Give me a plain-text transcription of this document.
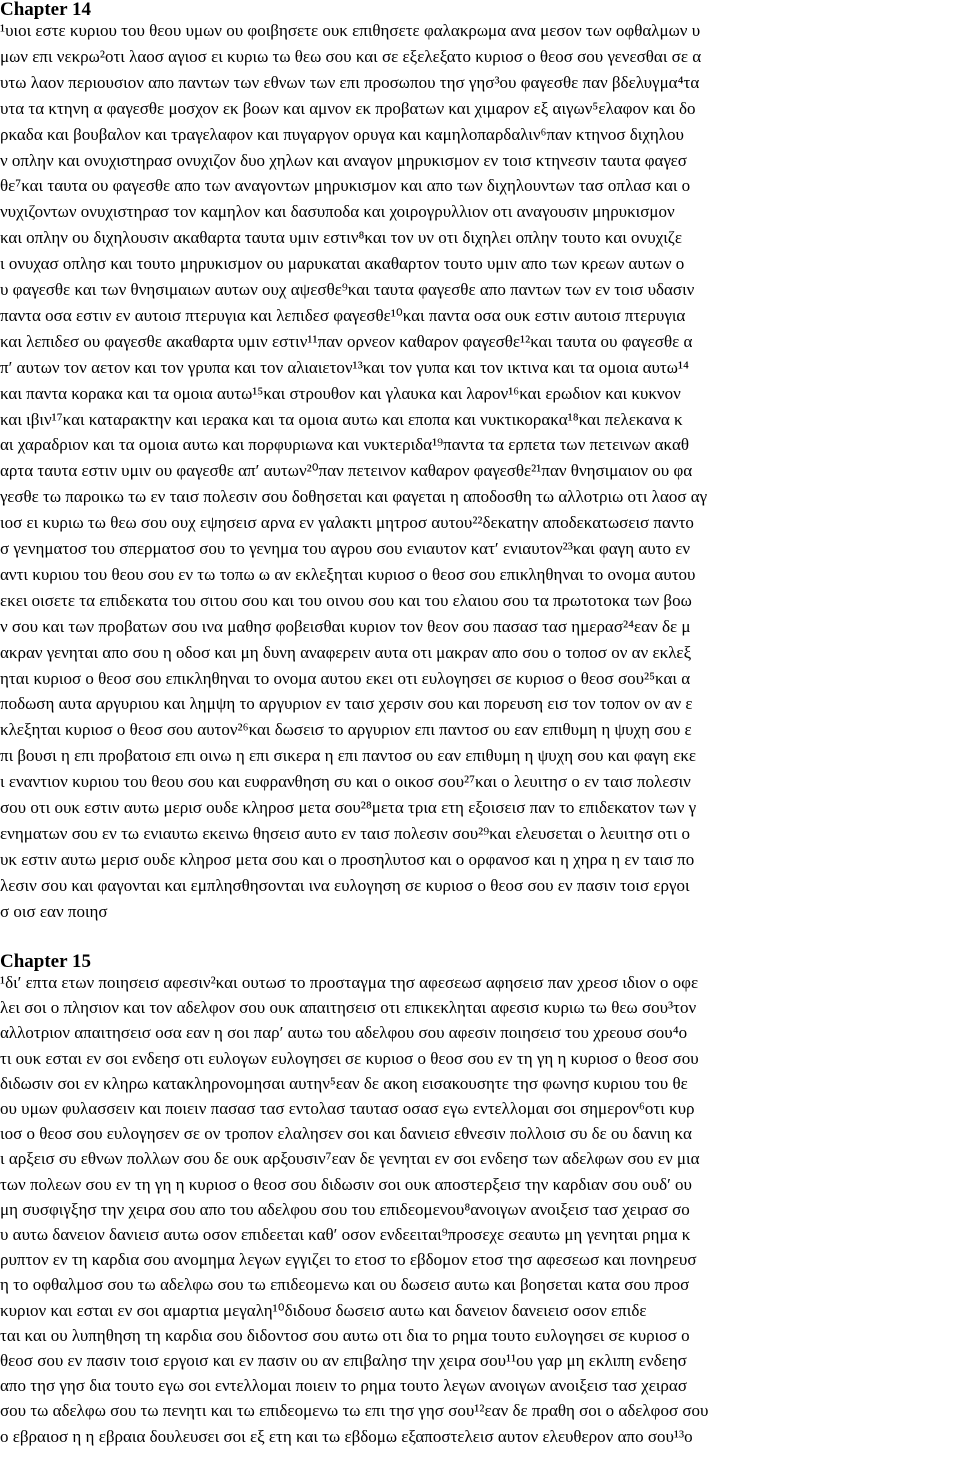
Chapter 14
¹υιοι εστε κυριου του θεου υμων ου φοιβησετε ουκ επιθησετε φαλακρωμα ανα μεσον των οφθαλμων υ
μων επι νεκρω²οτι λαοσ αγιοσ ει κυριω τω θεω σου και σε εξελεξατο κυριοσ ο θεοσ σου γενεσθαι σε α
υτω λαον περιουσιον απο παντων των εθνων των επι προσωπου τησ γησ³ου φαγεσθε παν βδελυγμα⁴τα
υτα τα κτηνη α φαγεσθε μοσχον εκ βοων και αμνον εκ προβατων και χιμαρον εξ αιγων⁵ελαφον και δο
ρκαδα και βουβαλον και τραγελαφον και πυγαργον ορυγα και καμηλοπαρδαλιν⁶παν κτηνοσ διχηλου
ν οπλην και ονυχιστηρασ ονυχιζον δυο χηλων και αναγον μηρυκισμον εν τοισ κτηνεσιν ταυτα φαγεσ
θε⁷και ταυτα ου φαγεσθε απο των αναγοντων μηρυκισμον και απο των διχηλουντων τασ οπλασ και ο
νυχιζοντων ονυχιστηρασ τον καμηλον και δασυποδα και χοιρογρυλλιον οτι αναγουσιν μηρυκισμον
και οπλην ου διχηλουσιν ακαθαρτα ταυτα υμιν εστιν⁸και τον υν οτι διχηλει οπλην τουτο και ονυχιζε
ι ονυχασ οπλησ και τουτο μηρυκισμον ου μαρυκαται ακαθαρτον τουτο υμιν απο των κρεων αυτων ο
υ φαγεσθε και των θνησιμαιων αυτων ουχ αψεσθε⁹και ταυτα φαγεσθε απο παντων των εν τοισ υδασιν
παντα οσα εστιν εν αυτοισ πτερυγια και λεπιδεσ φαγεσθε¹⁰και παντα οσα ουκ εστιν αυτοισ πτερυγια
και λεπιδεσ ου φαγεσθε ακαθαρτα υμιν εστιν¹¹παν ορνεον καθαρον φαγεσθε¹²και ταυτα ου φαγεσθε α
π′ αυτων τον αετον και τον γρυπα και τον αλιαιετον¹³και τον γυπα και τον ικτινα και τα ομοια αυτω¹⁴
και παντα κορακα και τα ομοια αυτω¹⁵και στρουθον και γλαυκα και λαρον¹⁶και ερωδιον και κυκνον
και ιβιν¹⁷και καταρακτην και ιερακα και τα ομοια αυτω και εποπα και νυκτικορακα¹⁸και πελεκανα κ
αι χαραδριον και τα ομοια αυτω και πορφυριωνα και νυκτεριδα¹⁹παντα τα ερπετα των πετεινων ακαθ
αρτα ταυτα εστιν υμιν ου φαγεσθε απ′ αυτων²⁰παν πετεινον καθαρον φαγεσθε²¹παν θνησιμαιον ου φα
γεσθε τω παροικω τω εν ταισ πολεσιν σου δοθησεται και φαγεται η αποδοσθη τω αλλοτριω οτι λαοσ αγ
ιοσ ει κυριω τω θεω σου ουχ εψησεισ αρνα εν γαλακτι μητροσ αυτου²²δεκατην αποδεκατωσεισ παντο
σ γενηματοσ του σπερματοσ σου το γενημα του αγρου σου ενιαυτον κατ′ ενιαυτον²³και φαγη αυτο εν
αντι κυριου του θεου σου εν τω τοπω ω αν εκλεξηται κυριοσ ο θεοσ σου επικληθηναι το ονομα αυτου
εκει οισετε τα επιδεκατα του σιτου σου και του οινου σου και του ελαιου σου τα πρωτοτοκα των βοω
ν σου και των προβατων σου ινα μαθησ φοβεισθαι κυριον τον θεον σου πασασ τασ ημερασ²⁴εαν δε μ
ακραν γενηται απο σου η οδοσ και μη δυνη αναφερειν αυτα οτι μακραν απο σου ο τοποσ ον αν εκλεξ
ηται κυριοσ ο θεοσ σου επικληθηναι το ονομα αυτου εκει οτι ευλογησει σε κυριοσ ο θεοσ σου²⁵και α
ποδωση αυτα αργυριου και λημψη το αργυριον εν ταισ χερσιν σου και πορευση εισ τον τοπον ον αν ε
κλεξηται κυριοσ ο θεοσ σου αυτον²⁶και δωσεισ το αργυριον επι παντοσ ου εαν επιθυμη η ψυχη σου ε
πι βουσι η επι προβατοισ επι οινω η επι σικερα η επι παντοσ ου εαν επιθυμη η ψυχη σου και φαγη εκε
ι εναντιον κυριου του θεου σου και ευφρανθηση συ και ο οικοσ σου²⁷και ο λευιτησ ο εν ταισ πολεσιν
σου οτι ουκ εστιν αυτω μερισ ουδε κληροσ μετα σου²⁸μετα τρια ετη εξοισεισ παν το επιδεκατον των γ
ενηματων σου εν τω ενιαυτω εκεινω θησεισ αυτο εν ταισ πολεσιν σου²⁹και ελευσεται ο λευιτησ οτι ο
υκ εστιν αυτω μερισ ουδε κληροσ μετα σου και ο προσηλυτοσ και ο ορφανοσ και η χηρα η εν ταισ πο
λεσιν σου και φαγονται και εμπλησθησονται ινα ευλογηση σε κυριοσ ο θεοσ σου εν πασιν τοισ εργοι
σ οισ εαν ποιησ
Chapter 15
¹δι′ επτα ετων ποιησεισ αφεσιν²και ουτωσ το προσταγμα τησ αφεσεωσ αφησεισ παν χρεοσ ιδιον ο οφε
λει σοι ο πλησιον και τον αδελφον σου ουκ απαιτησεισ οτι επικεκληται αφεσισ κυριω τω θεω σου³τον
αλλοτριον απαιτησεισ οσα εαν η σοι παρ′ αυτω του αδελφου σου αφεσιν ποιησεισ του χρεουσ σου⁴ο
τι ουκ εσται εν σοι ενδεησ οτι ευλογων ευλογησει σε κυριοσ ο θεοσ σου εν τη γη η κυριοσ ο θεοσ σου
διδωσιν σοι εν κληρω κατακληρονομησαι αυτην⁵εαν δε ακοη εισακουσητε τησ φωνησ κυριου του θε
ου υμων φυλασσειν και ποιειν πασασ τασ εντολασ ταυτασ οσασ εγω εντελλομαι σοι σημερον⁶οτι κυρ
ιοσ ο θεοσ σου ευλογησεν σε ον τροπον ελαλησεν σοι και δανιεισ εθνεσιν πολλοισ συ δε ου δανιη κα
ι αρξεισ συ εθνων πολλων σου δε ουκ αρξουσιν⁷εαν δε γενηται εν σοι ενδεησ των αδελφων σου εν μια
των πολεων σου εν τη γη η κυριοσ ο θεοσ σου διδωσιν σοι ουκ αποστερξεισ την καρδιαν σου ουδ′ ου
μη συσφιγξησ την χειρα σου απο του αδελφου σου του επιδεομενου⁸ανοιγων ανοιξεισ τασ χειρασ σο
υ αυτω δανειον δανιεισ αυτω οσον επιδεεται καθ′ οσον ενδεειται⁹προσεχε σεαυτω μη γενηται ρημα κ
ρυπτον εν τη καρδια σου ανομημα λεγων εγγιζει το ετοσ το εβδομον ετοσ τησ αφεσεωσ και πονηρευσ
η το οφθαλμοσ σου τω αδελφω σου τω επιδεομενω και ου δωσεισ αυτω και βοησεται κατα σου προσ
κυριον και εσται εν σοι αμαρτια μεγαλη¹⁰διδουσ δωσεισ αυτω και δανειον δανειεισ οσον επιδε
ται και ου λυπηθηση τη καρδια σου διδοντοσ σου αυτω οτι δια το ρημα τουτο ευλογησει σε κυριοσ ο
θεοσ σου εν πασιν τοισ εργοισ και εν πασιν ου αν επιβαλησ την χειρα σου¹¹ου γαρ μη εκλιπη ενδεησ
απο τησ γησ δια τουτο εγω σοι εντελλομαι ποιειν το ρημα τουτο λεγων ανοιγων ανοιξεισ τασ χειρασ
σου τω αδελφω σου τω πενητι και τω επιδεομενω τω επι τησ γησ σου¹²εαν δε πραθη σοι ο αδελφοσ σου
ο εβραιοσ η η εβραια δουλευσει σοι εξ ετη και τω εβδομω εξαποστελεισ αυτον ελευθερον απο σου¹³ο
